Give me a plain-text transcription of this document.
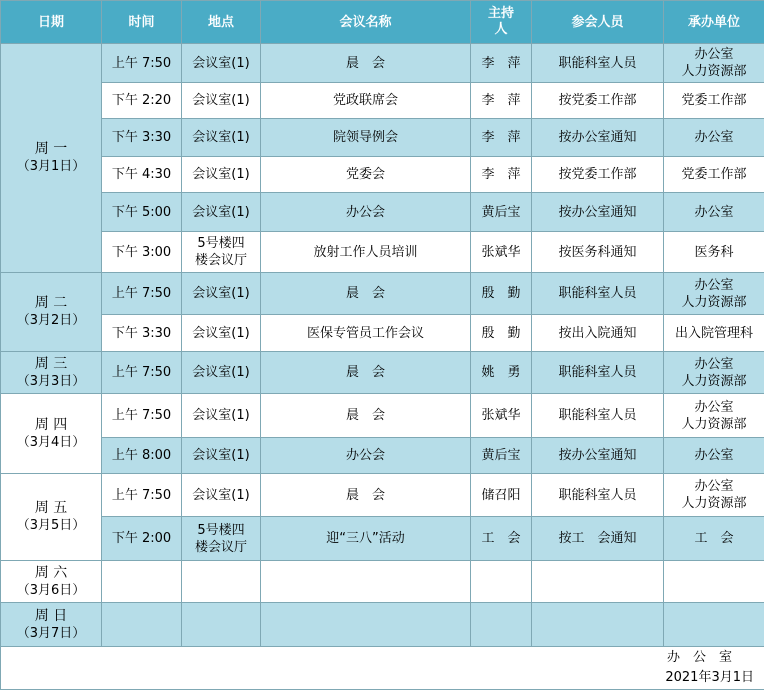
日期	时间	地点	会议名称	主持人	参会人员	承办单位

周 一
（3月1日）	上午 7:50	会议室(1)	晨　会	李　萍	职能科室人员	办公室
人力资源部
	下午 2:20	会议室(1)	党政联席会	李　萍	按党委工作部	党委工作部
	下午 3:30	会议室(1)	院领导例会	李　萍	按办公室通知	办公室
	下午 4:30	会议室(1)	党委会	李　萍	按党委工作部	党委工作部
	下午 5:00	会议室(1)	办公会	黄后宝	按办公室通知	办公室
	下午 3:00	5号楼四
楼会议厅	放射工作人员培训	张斌华	按医务科通知	医务科

周 二
（3月2日）	上午 7:50	会议室(1)	晨　会	殷　勤	职能科室人员	办公室
人力资源部
	下午 3:30	会议室(1)	医保专管员工作会议	殷　勤	按出入院通知	出入院管理科

周 三
（3月3日）	上午 7:50	会议室(1)	晨　会	姚　勇	职能科室人员	办公室
人力资源部

周 四
（3月4日）	上午 7:50	会议室(1)	晨　会	张斌华	职能科室人员	办公室
人力资源部
	上午 8:00	会议室(1)	办公会	黄后宝	按办公室通知	办公室

周 五
（3月5日）	上午 7:50	会议室(1)	晨　会	储召阳	职能科室人员	办公室
人力资源部
	下午 2:00	5号楼四
楼会议厅	迎“三八”活动	工　会	按工　会通知	工　会

周 六
（3月6日）						

周 日
（3月7日）						

办　公　室
2021年3月1日						
